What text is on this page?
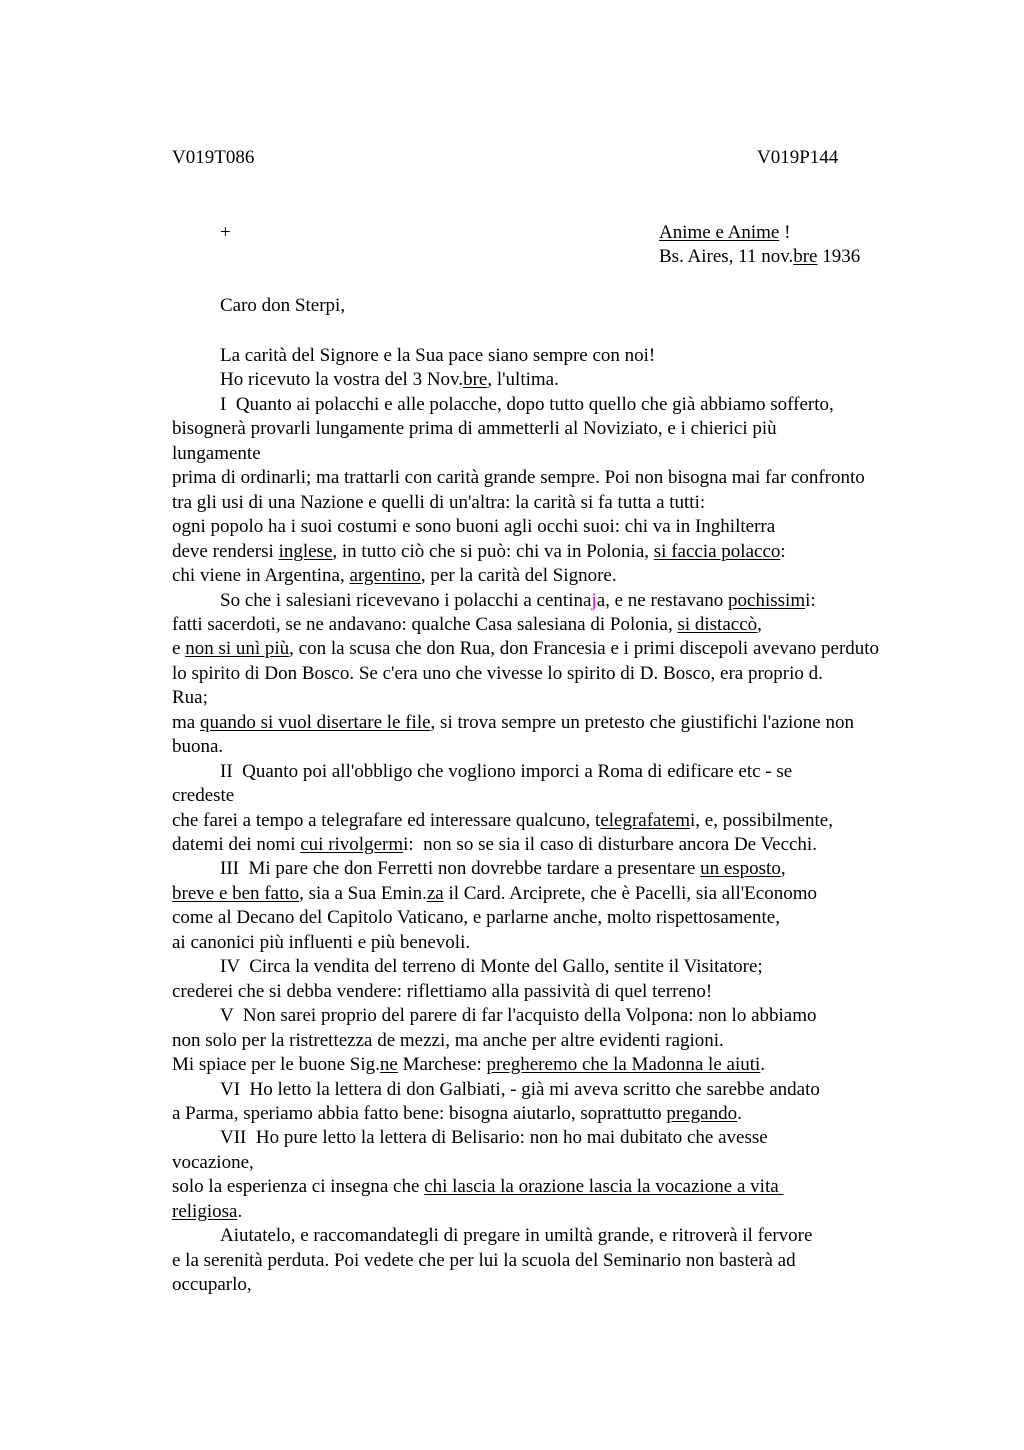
V019T086	V019P144
+	Anime e Anime !
Bs. Aires, 11 nov.bre 1936
Caro don Sterpi,
La carità del Signore e la Sua pace siano sempre con noi!
Ho ricevuto la vostra del 3 Nov.bre, l'ultima.
I  Quanto ai polacchi e alle polacche, dopo tutto quello che già abbiamo sofferto,
bisognerà provarli lungamente prima di ammetterli al Noviziato, e i chierici più
lungamente
prima di ordinarli; ma trattarli con carità grande sempre. Poi non bisogna mai far confronto
tra gli usi di una Nazione e quelli di un'altra: la carità si fa tutta a tutti:
ogni popolo ha i suoi costumi e sono buoni agli occhi suoi: chi va in Inghilterra
deve rendersi inglese, in tutto ciò che si può: chi va in Polonia, si faccia polacco:
chi viene in Argentina, argentino, per la carità del Signore.
So che i salesiani ricevevano i polacchi a centinaja, e ne restavano pochissimi:
fatti sacerdoti, se ne andavano: qualche Casa salesiana di Polonia, si distaccò,
e non si unì più, con la scusa che don Rua, don Francesia e i primi discepoli avevano perduto
lo spirito di Don Bosco. Se c'era uno che vivesse lo spirito di D. Bosco, era proprio d.
Rua;
ma quando si vuol disertare le file, si trova sempre un pretesto che giustifichi l'azione non
buona.
II  Quanto poi all'obbligo che vogliono imporci a Roma di edificare etc - se
credeste
che farei a tempo a telegrafare ed interessare qualcuno, telegrafatemi, e, possibilmente,
datemi dei nomi cui rivolgermi:  non so se sia il caso di disturbare ancora De Vecchi.
III  Mi pare che don Ferretti non dovrebbe tardare a presentare un esposto,
breve e ben fatto, sia a Sua Emin.za il Card. Arciprete, che è Pacelli, sia all'Economo
come al Decano del Capitolo Vaticano, e parlarne anche, molto rispettosamente,
ai canonici più influenti e più benevoli.
IV  Circa la vendita del terreno di Monte del Gallo, sentite il Visitatore;
crederei che si debba vendere: riflettiamo alla passività di quel terreno!
V  Non sarei proprio del parere di far l'acquisto della Volpona: non lo abbiamo
non solo per la ristrettezza de mezzi, ma anche per altre evidenti ragioni.
Mi spiace per le buone Sig.ne Marchese: pregheremo che la Madonna le aiuti.
VI  Ho letto la lettera di don Galbiati, - già mi aveva scritto che sarebbe andato
a Parma, speriamo abbia fatto bene: bisogna aiutarlo, soprattutto pregando.
VII  Ho pure letto la lettera di Belisario: non ho mai dubitato che avesse
vocazione,
solo la esperienza ci insegna che chi lascia la orazione lascia la vocazione a vita
religiosa.
Aiutatelo, e raccomandategli di pregare in umiltà grande, e ritroverà il fervore
e la serenità perduta. Poi vedete che per lui la scuola del Seminario non basterà ad
occuparlo,
